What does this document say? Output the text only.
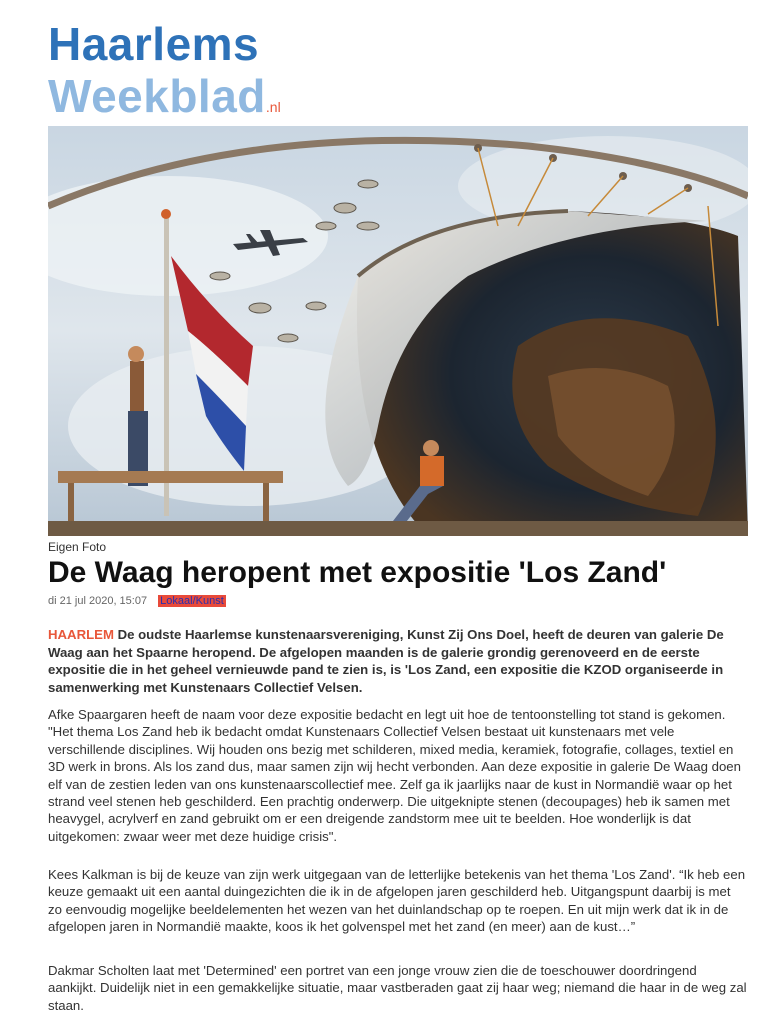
Haarlems
Weekblad.nl
Eigen Foto
De Waag heropent met expositie 'Los Zand'
di 21 jul 2020, 15:07 Lokaal/Kunst

HAARLEM De oudste Haarlemse kunstenaarsvereniging, Kunst Zij Ons Doel, heeft de deuren van galerie De Waag aan het Spaarne heropend. De afgelopen maanden is de galerie grondig gerenoveerd en de eerste expositie die in het geheel vernieuwde pand te zien is, is 'Los Zand, een expositie die KZOD organiseerde in samenwerking met Kunstenaars Collectief Velsen.

Afke Spaargaren heeft de naam voor deze expositie bedacht en legt uit hoe de tentoonstelling tot stand is gekomen. "Het thema Los Zand heb ik bedacht omdat Kunstenaars Collectief Velsen bestaat uit kunstenaars met vele verschillende disciplines. Wij houden ons bezig met schilderen, mixed media, keramiek, fotografie, collages, textiel en 3D werk in brons. Als los zand dus, maar samen zijn wij hecht verbonden. Aan deze expositie in galerie De Waag doen elf van de zestien leden van ons kunstenaarscollectief mee. Zelf ga ik jaarlijks naar de kust in Normandië waar op het strand veel stenen heb geschilderd. Een prachtig onderwerp. Die uitgeknipte stenen (decoupages) heb ik samen met heavygel, acrylverf en zand gebruikt om er een dreigende zandstorm mee uit te beelden. Hoe wonderlijk is dat uitgekomen: zwaar weer met deze huidige crisis".

Kees Kalkman is bij de keuze van zijn werk uitgegaan van de letterlijke betekenis van het thema 'Los Zand'. “Ik heb een keuze gemaakt uit een aantal duingezichten die ik in de afgelopen jaren geschilderd heb. Uitgangspunt daarbij is met zo eenvoudig mogelijke beeldelementen het wezen van het duinlandschap op te roepen. En uit mijn werk dat ik in de afgelopen jaren in Normandië maakte, koos ik het golvenspel met het zand (en meer) aan de kust…”

Dakmar Scholten laat met 'Determined' een portret van een jonge vrouw zien die de toeschouwer doordringend aankijkt. Duidelijk niet in een gemakkelijke situatie, maar vastberaden gaat zij haar weg; niemand die haar in de weg zal staan.
